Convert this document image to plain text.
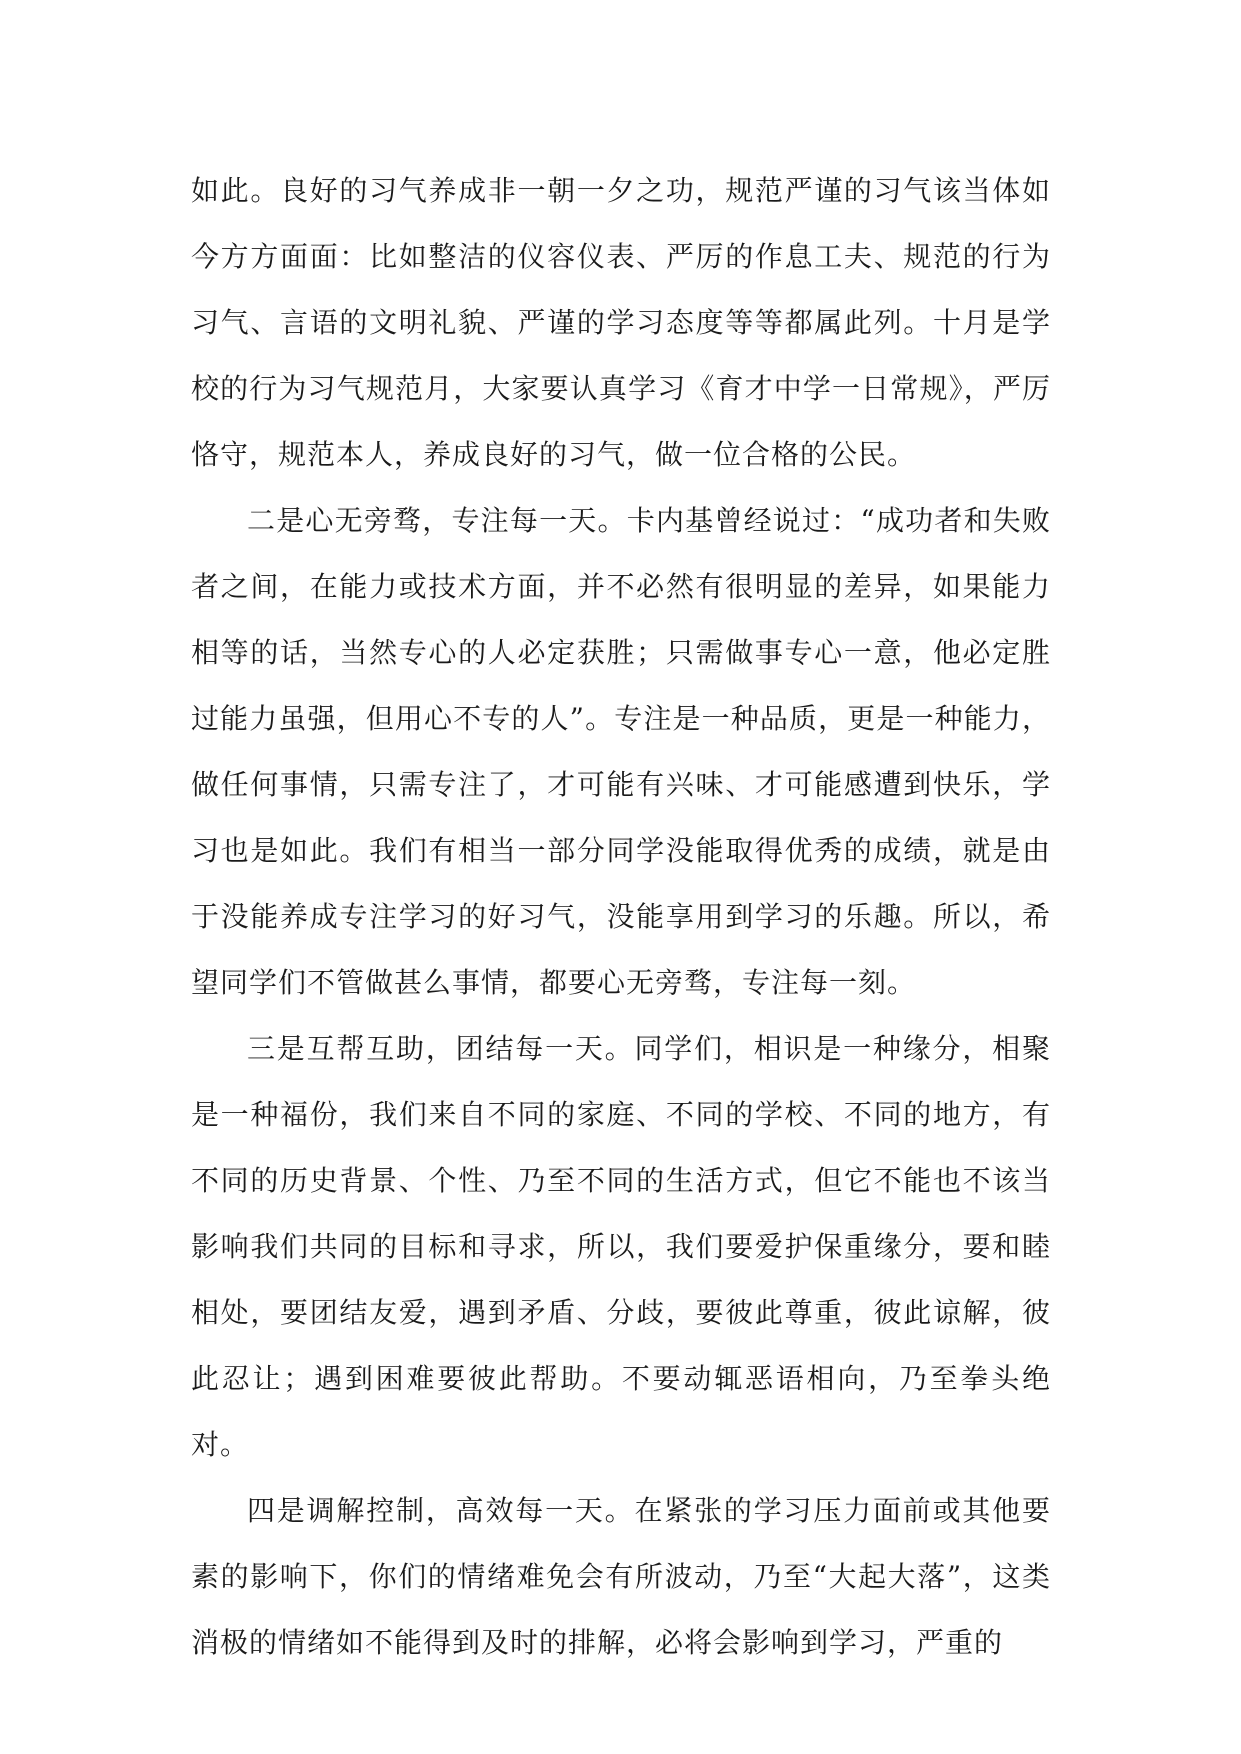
如此。良好的习气养成非一朝一夕之功，规范严谨的习气该当体如今方方面面：比如整洁的仪容仪表、严厉的作息工夫、规范的行为习气、言语的文明礼貌、严谨的学习态度等等都属此列。十月是学校的行为习气规范月，大家要认真学习《育才中学一日常规》，严厉恪守，规范本人，养成良好的习气，做一位合格的公民。

二是心无旁骛，专注每一天。卡内基曾经说过：“成功者和失败者之间，在能力或技术方面，并不必然有很明显的差异，如果能力相等的话，当然专心的人必定获胜；只需做事专心一意，他必定胜过能力虽强，但用心不专的人”。专注是一种品质，更是一种能力，做任何事情，只需专注了，才可能有兴味、才可能感遭到快乐，学习也是如此。我们有相当一部分同学没能取得优秀的成绩，就是由于没能养成专注学习的好习气，没能享用到学习的乐趣。所以，希望同学们不管做甚么事情，都要心无旁骛，专注每一刻。

三是互帮互助，团结每一天。同学们，相识是一种缘分，相聚是一种福份，我们来自不同的家庭、不同的学校、不同的地方，有不同的历史背景、个性、乃至不同的生活方式，但它不能也不该当影响我们共同的目标和寻求，所以，我们要爱护保重缘分，要和睦相处，要团结友爱，遇到矛盾、分歧，要彼此尊重，彼此谅解，彼此忍让；遇到困难要彼此帮助。不要动辄恶语相向，乃至拳头绝对。

四是调解控制，高效每一天。在紧张的学习压力面前或其他要素的影响下，你们的情绪难免会有所波动，乃至“大起大落”，这类消极的情绪如不能得到及时的排解，必将会影响到学习，严重的
